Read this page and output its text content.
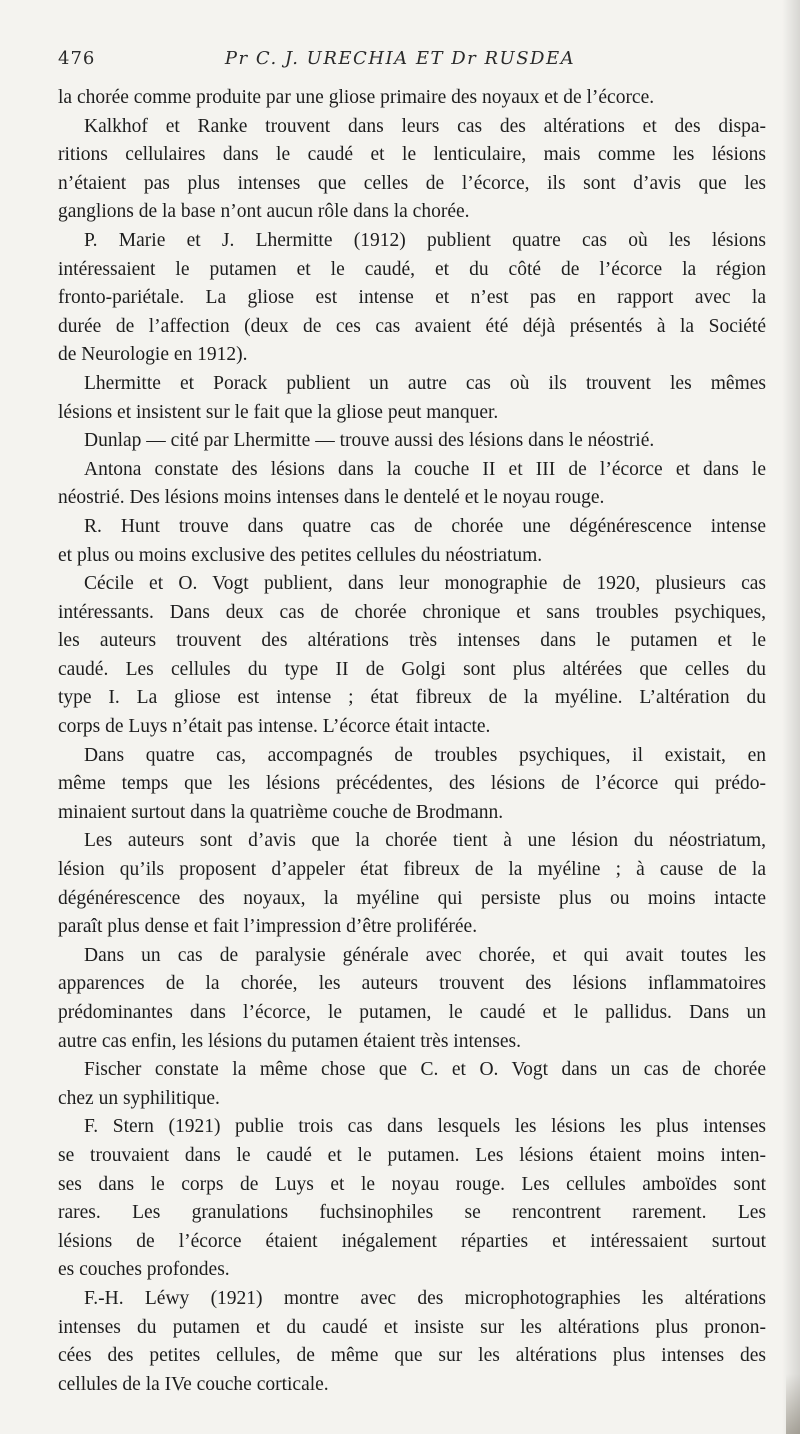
476	Pr C. J. URECHIA ET Dr RUSDEA
la chorée comme produite par une gliose primaire des noyaux et de l’écorce.
Kalkhof et Ranke trouvent dans leurs cas des altérations et des dispa-
ritions cellulaires dans le caudé et le lenticulaire, mais comme les lésions
n’étaient pas plus intenses que celles de l’écorce, ils sont d’avis que les
ganglions de la base n’ont aucun rôle dans la chorée.
P. Marie et J. Lhermitte (1912) publient quatre cas où les lésions
intéressaient le putamen et le caudé, et du côté de l’écorce la région
fronto-pariétale. La gliose est intense et n’est pas en rapport avec la
durée de l’affection (deux de ces cas avaient été déjà présentés à la Société
de Neurologie en 1912).
Lhermitte et Porack publient un autre cas où ils trouvent les mêmes
lésions et insistent sur le fait que la gliose peut manquer.
Dunlap — cité par Lhermitte — trouve aussi des lésions dans le néostrié.
Antona constate des lésions dans la couche II et III de l’écorce et dans le
néostrié. Des lésions moins intenses dans le dentelé et le noyau rouge.
R. Hunt trouve dans quatre cas de chorée une dégénérescence intense
et plus ou moins exclusive des petites cellules du néostriatum.
Cécile et O. Vogt publient, dans leur monographie de 1920, plusieurs cas
intéressants. Dans deux cas de chorée chronique et sans troubles psychiques,
les auteurs trouvent des altérations très intenses dans le putamen et le
caudé. Les cellules du type II de Golgi sont plus altérées que celles du
type I. La gliose est intense ; état fibreux de la myéline. L’altération du
corps de Luys n’était pas intense. L’écorce était intacte.
Dans quatre cas, accompagnés de troubles psychiques, il existait, en
même temps que les lésions précédentes, des lésions de l’écorce qui prédo-
minaient surtout dans la quatrième couche de Brodmann.
Les auteurs sont d’avis que la chorée tient à une lésion du néostriatum,
lésion qu’ils proposent d’appeler état fibreux de la myéline ; à cause de la
dégénérescence des noyaux, la myéline qui persiste plus ou moins intacte
paraît plus dense et fait l’impression d’être proliférée.
Dans un cas de paralysie générale avec chorée, et qui avait toutes les
apparences de la chorée, les auteurs trouvent des lésions inflammatoires
prédominantes dans l’écorce, le putamen, le caudé et le pallidus. Dans un
autre cas enfin, les lésions du putamen étaient très intenses.
Fischer constate la même chose que C. et O. Vogt dans un cas de chorée
chez un syphilitique.
F. Stern (1921) publie trois cas dans lesquels les lésions les plus intenses
se trouvaient dans le caudé et le putamen. Les lésions étaient moins inten-
ses dans le corps de Luys et le noyau rouge. Les cellules amboïdes sont
rares. Les granulations fuchsinophiles se rencontrent rarement. Les
lésions de l’écorce étaient inégalement réparties et intéressaient surtout
es couches profondes.
F.-H. Léwy (1921) montre avec des microphotographies les altérations
intenses du putamen et du caudé et insiste sur les altérations plus pronon-
cées des petites cellules, de même que sur les altérations plus intenses des
cellules de la IVe couche corticale.
